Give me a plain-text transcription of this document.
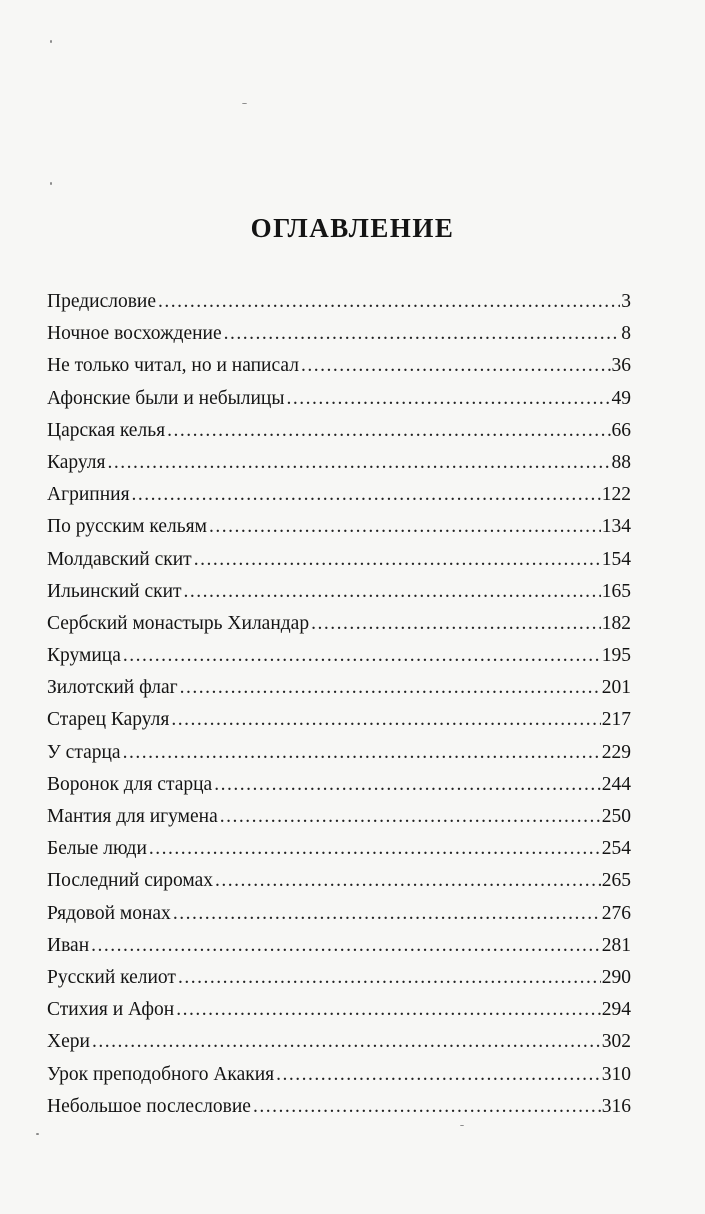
ОГЛАВЛЕНИЕ
Предисловие .....	3
Ночное восхождение .....	8
Не только читал, но и написал .....	36
Афонские были и небылицы .....	49
Царская келья .....	66
Каруля .....	88
Агрипния .....	122
По русским кельям .....	134
Молдавский скит .....	154
Ильинский скит .....	165
Сербский монастырь Хиландар .....	182
Крумица .....	195
Зилотский флаг .....	201
Старец Каруля .....	217
У старца .....	229
Воронок для старца .....	244
Мантия для игумена .....	250
Белые люди .....	254
Последний сиромах .....	265
Рядовой монах .....	276
Иван .....	281
Русский келиот .....	290
Стихия и Афон .....	294
Хери .....	302
Урок преподобного Акакия .....	310
Небольшое послесловие .....	316
